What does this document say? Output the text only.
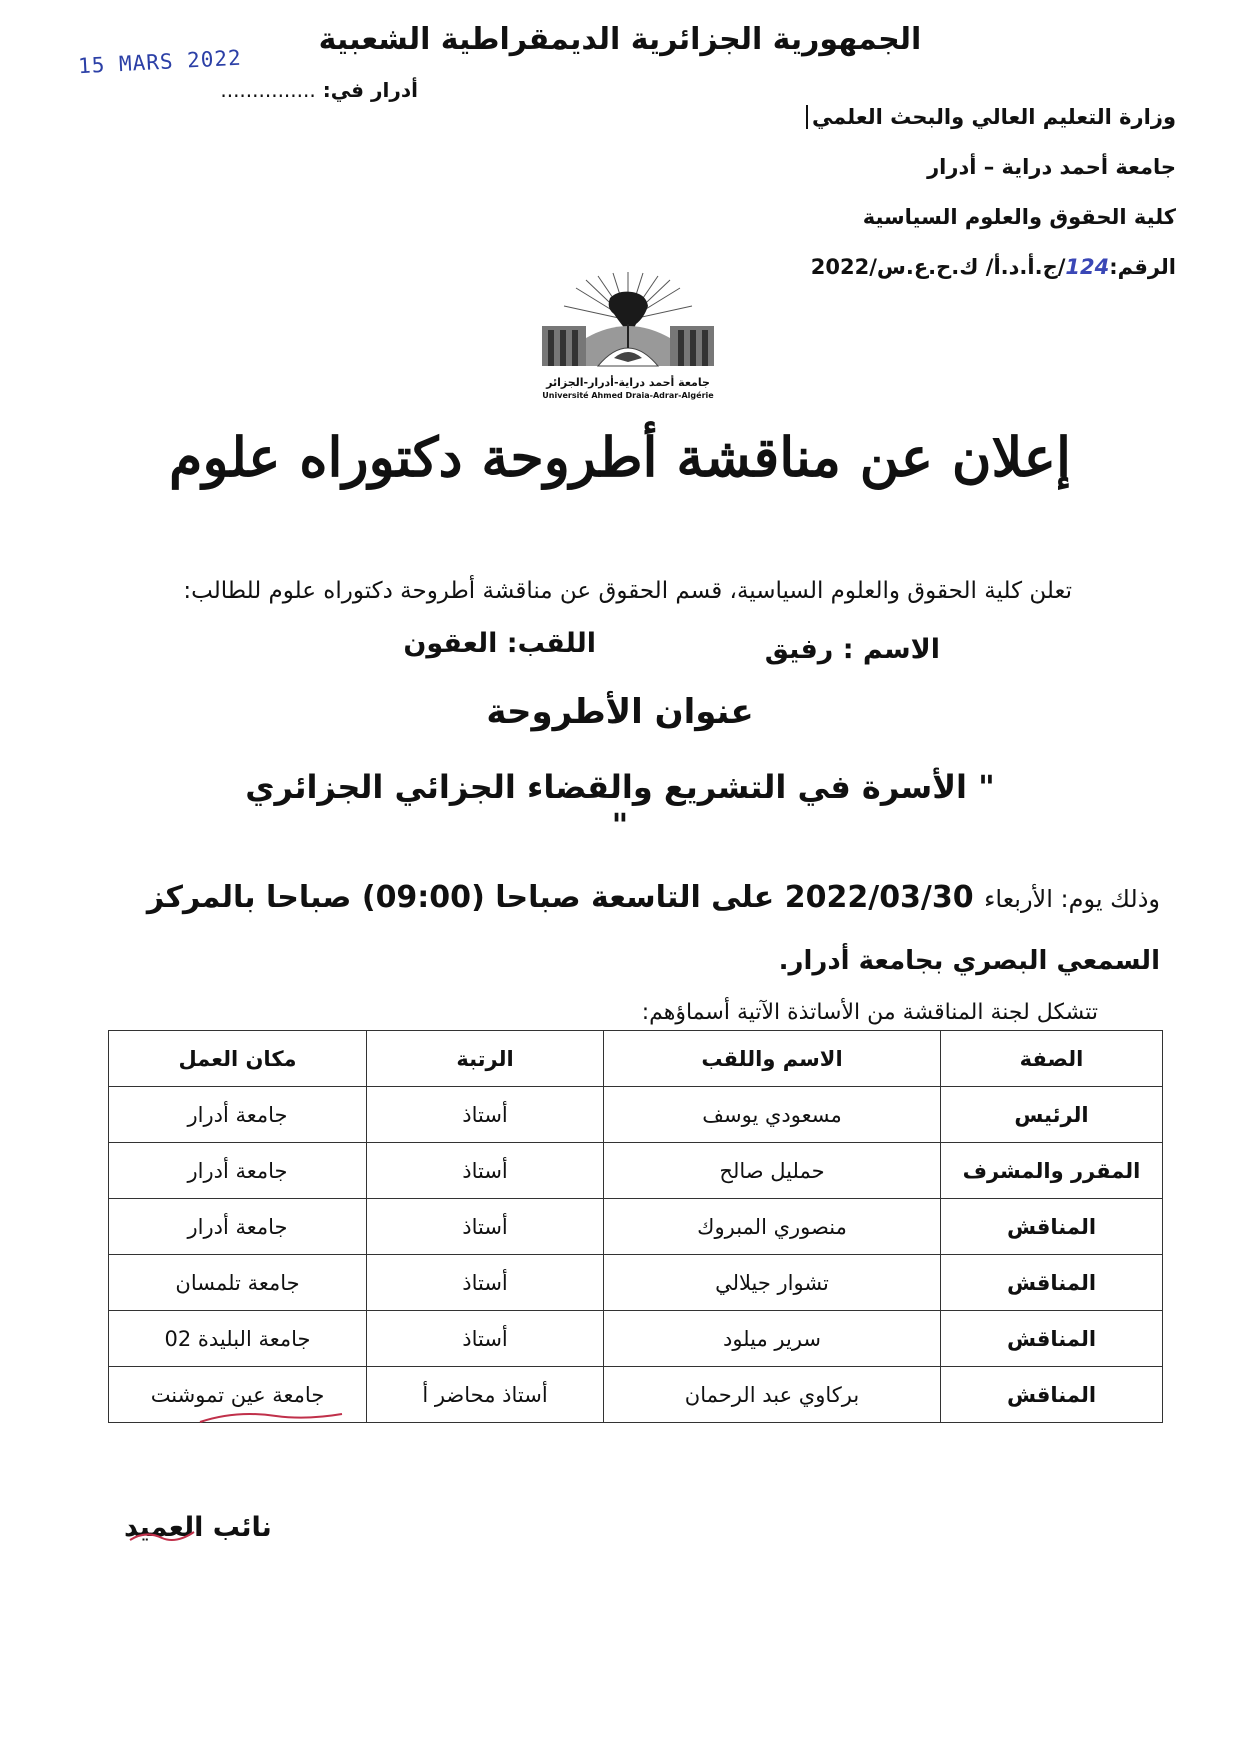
الجمهورية الجزائرية الديمقراطية الشعبية
15 MARS 2022
أدرار في: ...............
وزارة التعليم العالي والبحث العلمي
جامعة أحمد دراية – أدرار
كلية الحقوق والعلوم السياسية
الرقم:124/ج.أ.د.أ/ ك.ح.ع.س/2022
جامعة أحمد دراية-أدرار-الجزائر
Université Ahmed Draia-Adrar-Algérie
إعلان عن مناقشة أطروحة دكتوراه علوم
تعلن كلية الحقوق والعلوم السياسية، قسم الحقوق عن مناقشة أطروحة دكتوراه علوم للطالب:
الاسم : رفيق
اللقب: العقون
عنوان الأطروحة
" الأسرة في التشريع والقضاء الجزائي الجزائري "
وذلك يوم: الأربعاء 2022/03/30 على التاسعة صباحا (09:00) صباحا بالمركز
السمعي البصري بجامعة أدرار.
تتشكل لجنة المناقشة من الأساتذة الآتية أسماؤهم:
الصفة	الاسم واللقب	الرتبة	مكان العمل
الرئيس	مسعودي يوسف	أستاذ	جامعة أدرار
المقرر والمشرف	حمليل صالح	أستاذ	جامعة أدرار
المناقش	منصوري المبروك	أستاذ	جامعة أدرار
المناقش	تشوار جيلالي	أستاذ	جامعة تلمسان
المناقش	سرير ميلود	أستاذ	جامعة البليدة 02
المناقش	بركاوي عبد الرحمان	أستاذ محاضر أ	جامعة عين تموشنت
نائب العميد
